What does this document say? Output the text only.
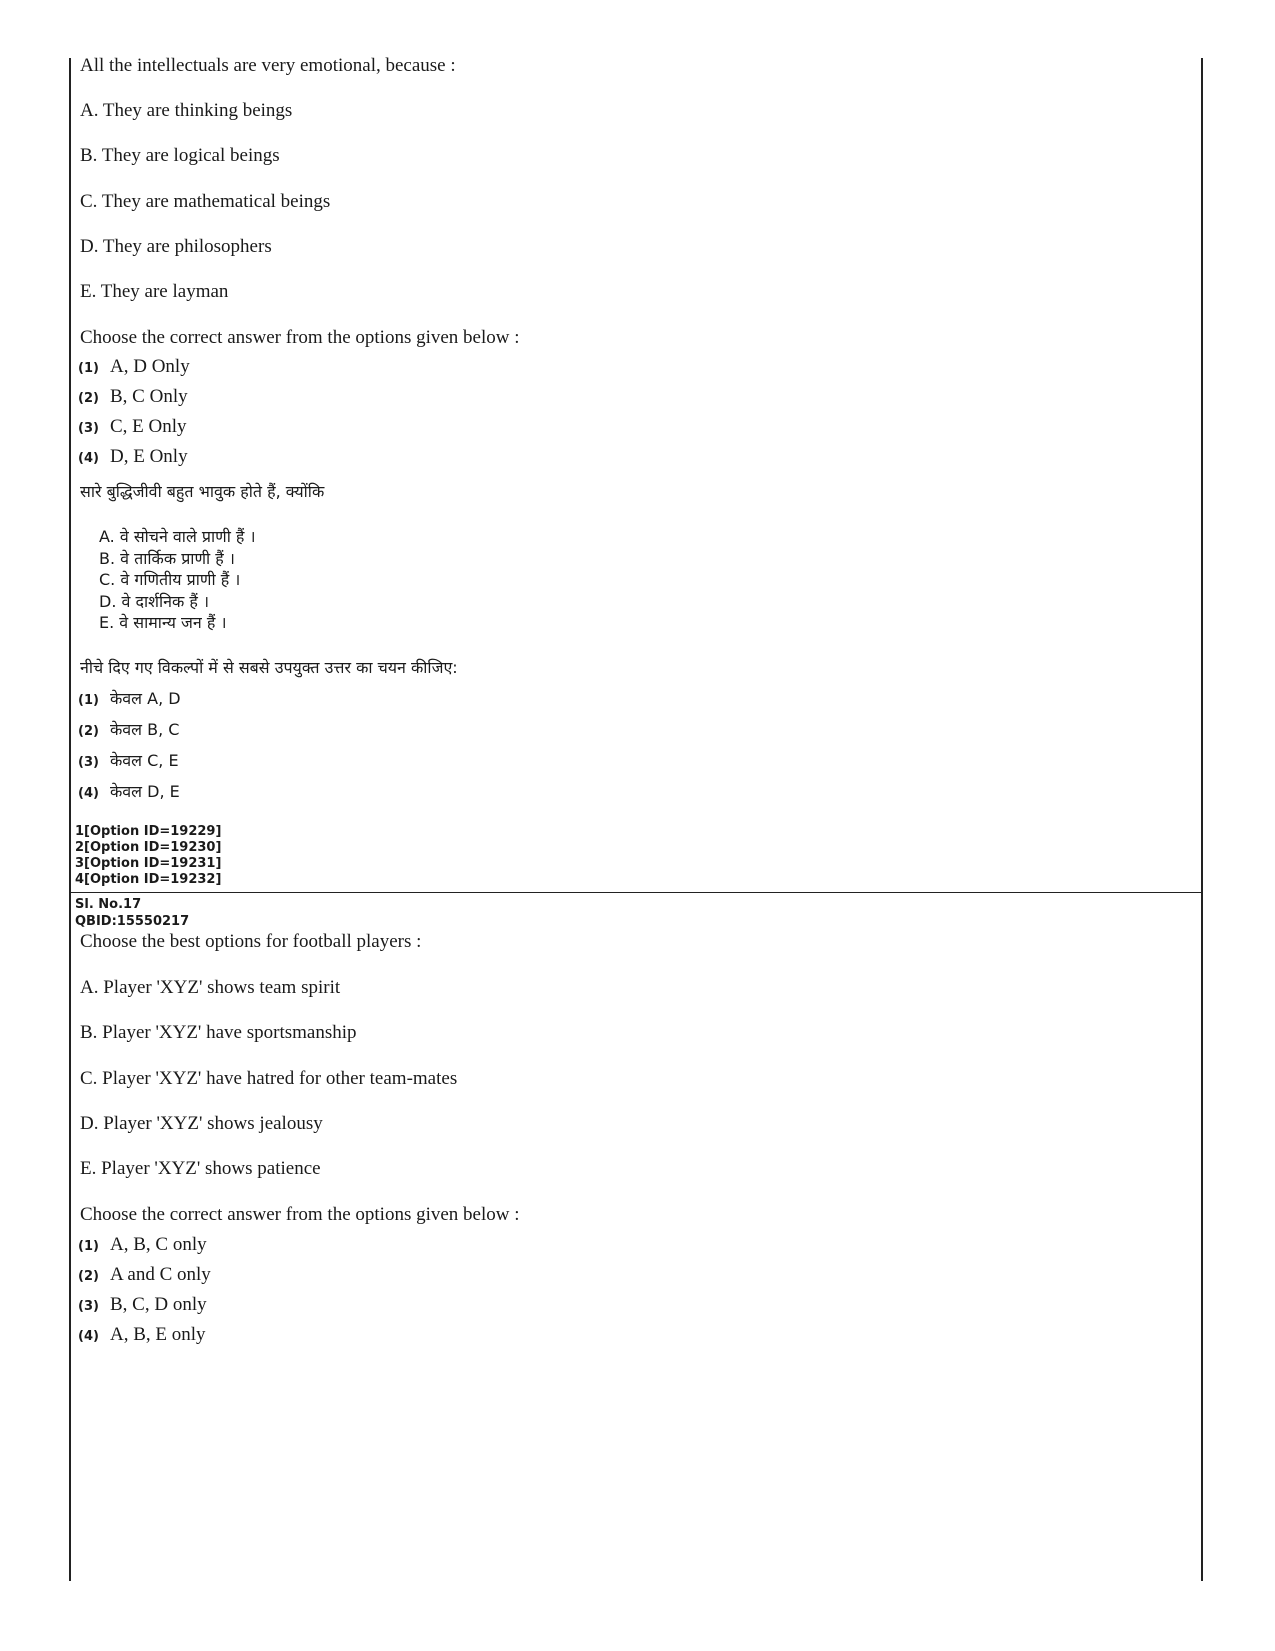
All the intellectuals are very emotional, because :
A. They are thinking beings
B. They are logical beings
C. They are mathematical beings
D. They are philosophers
E. They are layman
Choose the correct answer from the options given below :
(1) A, D Only
(2) B, C Only
(3) C, E Only
(4) D, E Only
सारे बुद्धिजीवी बहुत भावुक होते हैं, क्योंकि
A. वे सोचने वाले प्राणी हैं ।
B. वे तार्किक प्राणी हैं ।
C. वे गणितीय प्राणी हैं ।
D. वे दार्शनिक हैं ।
E. वे सामान्य जन हैं ।
नीचे दिए गए विकल्पों में से सबसे उपयुक्त उत्तर का चयन कीजिए:
(1) केवल A, D
(2) केवल B, C
(3) केवल C, E
(4) केवल D, E
1[Option ID=19229]
2[Option ID=19230]
3[Option ID=19231]
4[Option ID=19232]
Sl. No.17
QBID:15550217
Choose the best options for football players :
A. Player 'XYZ' shows team spirit
B. Player 'XYZ' have sportsmanship
C. Player 'XYZ' have hatred for other team-mates
D. Player 'XYZ' shows jealousy
E. Player 'XYZ' shows patience
Choose the correct answer from the options given below :
(1) A, B, C only
(2) A and C only
(3) B, C, D only
(4) A, B, E only
